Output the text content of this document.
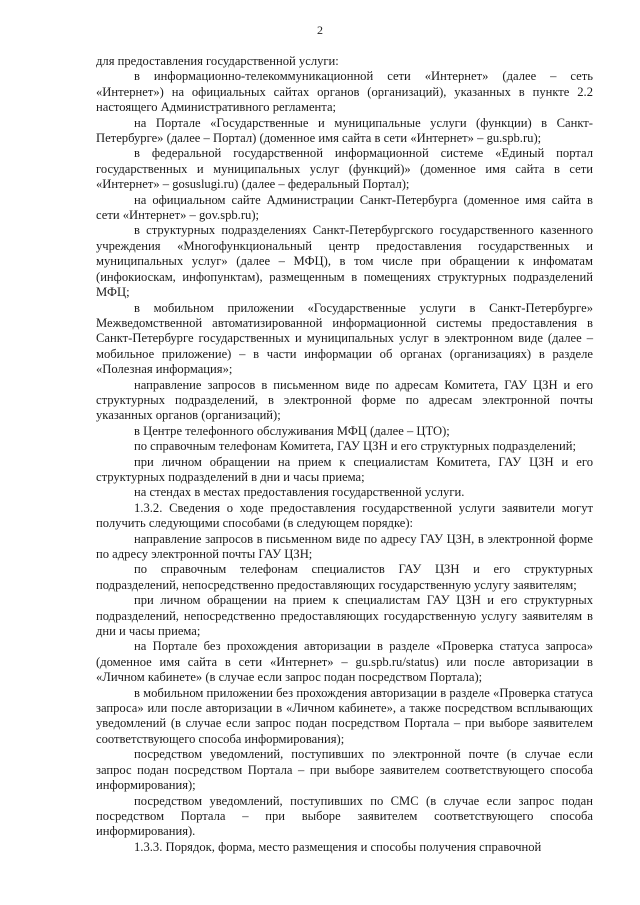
2

для предоставления государственной услуги:

в информационно-телекоммуникационной сети «Интернет» (далее – сеть «Интернет») на официальных сайтах органов (организаций), указанных в пункте 2.2 настоящего Административного регламента;

на Портале «Государственные и муниципальные услуги (функции) в Санкт-Петербурге» (далее – Портал) (доменное имя сайта в сети «Интернет» – gu.spb.ru);

в федеральной государственной информационной системе «Единый портал государственных и муниципальных услуг (функций)» (доменное имя сайта в сети «Интернет» – gosuslugi.ru) (далее – федеральный Портал);

на официальном сайте Администрации Санкт-Петербурга (доменное имя сайта в сети «Интернет» – gov.spb.ru);

в структурных подразделениях Санкт-Петербургского государственного казенного учреждения «Многофункциональный центр предоставления государственных и муниципальных услуг» (далее – МФЦ), в том числе при обращении к инфоматам (инфокиоскам, инфопунктам), размещенным в помещениях структурных подразделений МФЦ;

в мобильном приложении «Государственные услуги в Санкт-Петербурге» Межведомственной автоматизированной информационной системы предоставления в Санкт-Петербурге государственных и муниципальных услуг в электронном виде (далее – мобильное приложение) – в части информации об органах (организациях) в разделе «Полезная информация»;

направление запросов в письменном виде по адресам Комитета, ГАУ ЦЗН и его структурных подразделений, в электронной форме по адресам электронной почты указанных органов (организаций);

в Центре телефонного обслуживания МФЦ (далее – ЦТО);

по справочным телефонам Комитета, ГАУ ЦЗН и его структурных подразделений;

при личном обращении на прием к специалистам Комитета, ГАУ ЦЗН и его структурных подразделений в дни и часы приема;

на стендах в местах предоставления государственной услуги.

1.3.2. Сведения о ходе предоставления государственной услуги заявители могут получить следующими способами (в следующем порядке):

направление запросов в письменном виде по адресу ГАУ ЦЗН, в электронной форме по адресу электронной почты ГАУ ЦЗН;

по справочным телефонам специалистов ГАУ ЦЗН и его структурных подразделений, непосредственно предоставляющих государственную услугу заявителям;

при личном обращении на прием к специалистам ГАУ ЦЗН и его структурных подразделений, непосредственно предоставляющих государственную услугу заявителям в дни и часы приема;

на Портале без прохождения авторизации в разделе «Проверка статуса запроса» (доменное имя сайта в сети «Интернет» – gu.spb.ru/status) или после авторизации в «Личном кабинете» (в случае если запрос подан посредством Портала);

в мобильном приложении без прохождения авторизации в разделе «Проверка статуса запроса» или после авторизации в «Личном кабинете», а также посредством всплывающих уведомлений (в случае если запрос подан посредством Портала – при выборе заявителем соответствующего способа информирования);

посредством уведомлений, поступивших по электронной почте (в случае если запрос подан посредством Портала – при выборе заявителем соответствующего способа информирования);

посредством уведомлений, поступивших по СМС (в случае если запрос подан посредством Портала – при выборе заявителем соответствующего способа информирования).

1.3.3. Порядок, форма, место размещения и способы получения справочной
